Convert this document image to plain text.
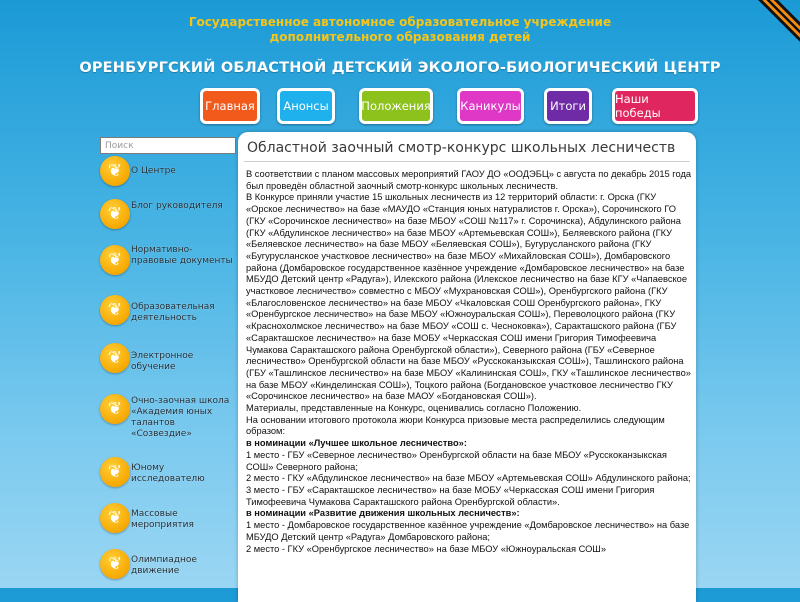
Государственное автономное образовательное учреждение
дополнительного образования детей
ОРЕНБУРГСКИЙ ОБЛАСТНОЙ ДЕТСКИЙ ЭКОЛОГО-БИОЛОГИЧЕСКИЙ ЦЕНТР
Главная	Анонсы	Положения	Каникулы	Итоги	Наши победы
Поиск
❦ О Центре
❦ Блог руководителя
❦ Нормативно-правовые документы
❦ Образовательная деятельность
❦ Электронное обучение
❦ Очно-заочная школа «Академия юных талантов «Созвездие»
❦ Юному исследователю
❦ Массовые мероприятия
❦ Олимпиадное движение
Областной заочный смотр-конкурс школьных лесничеств

В соответствии с планом массовых мероприятий ГАОУ ДО «ООДЭБЦ» с августа по декабрь 2015 года был проведён областной заочный смотр-конкурс школьных лесничеств.

В Конкурсе приняли участие 15 школьных лесничеств из 12 территорий области: г. Орска (ГКУ «Орское лесничество» на базе «МАУДО «Станция юных натуралистов г. Орска»), Сорочинского ГО (ГКУ «Сорочинское лесничество» на базе МБОУ «СОШ №117» г. Сорочинска), Абдулинского района (ГКУ «Абдулинское лесничество» на базе МБОУ «Артемьевская СОШ»), Беляевского района (ГКУ «Беляевское лесничество» на базе МБОУ «Беляевская СОШ»), Бугурусланского района (ГКУ «Бугурусланское участковое лесничество» на базе МБОУ «Михайловская СОШ»), Домбаровского района (Домбаровское государственное казённое учреждение «Домбаровское лесничество» на базе МБУДО Детский центр «Радуга»), Илекского района (Илекское лесничество на базе КГУ «Чапаевское участковое лесничество» совместно с МБОУ «Мухрановская СОШ»), Оренбургского района (ГКУ «Благословенское лесничество» на базе МБОУ «Чкаловская СОШ Оренбургского района», ГКУ «Оренбургское лесничество» на базе МБОУ «Южноуральская СОШ»), Переволоцкого района (ГКУ «Краснохолмское лесничество» на базе МБОУ «СОШ с. Чесноковка»), Саракташского района (ГБУ «Саракташское лесничество» на базе МОБУ «Черкасская СОШ имени Григория Тимофеевича Чумакова Саракташского района Оренбургской области»), Северного района (ГБУ «Северное лесничество» Оренбургской области на базе МБОУ «Русскоканзыкская СОШ»), Ташлинского района (ГБУ «Ташлинское лесничество» на базе МБОУ «Калининская СОШ», ГКУ «Ташлинское лесничество» на базе МБОУ «Кинделинская СОШ»), Тоцкого района (Богдановское участковое лесничество ГКУ «Сорочинское лесничество» на базе МАОУ «Богдановская СОШ»).

Материалы, представленные на Конкурс, оценивались согласно Положению.

На основании итогового протокола жюри Конкурса призовые места распределились следующим образом:

в номинации «Лучшее школьное лесничество»:

1 место - ГБУ «Северное лесничество» Оренбургской области на базе МБОУ «Русскоканзыкская СОШ» Северного района;

2 место - ГКУ «Абдулинское лесничество» на базе МБОУ «Артемьевская СОШ» Абдулинского района;

3 место - ГБУ «Саракташское лесничество» на базе МОБУ «Черкасская СОШ имени Григория Тимофеевича Чумакова Саракташского района Оренбургской области».

в номинации «Развитие движения школьных лесничеств»:

1 место - Домбаровское государственное казённое учреждение «Домбаровское лесничество» на базе МБУДО Детский центр «Радуга» Домбаровского района;

2 место - ГКУ «Оренбургское лесничество» на базе МБОУ «Южноуральская СОШ»
